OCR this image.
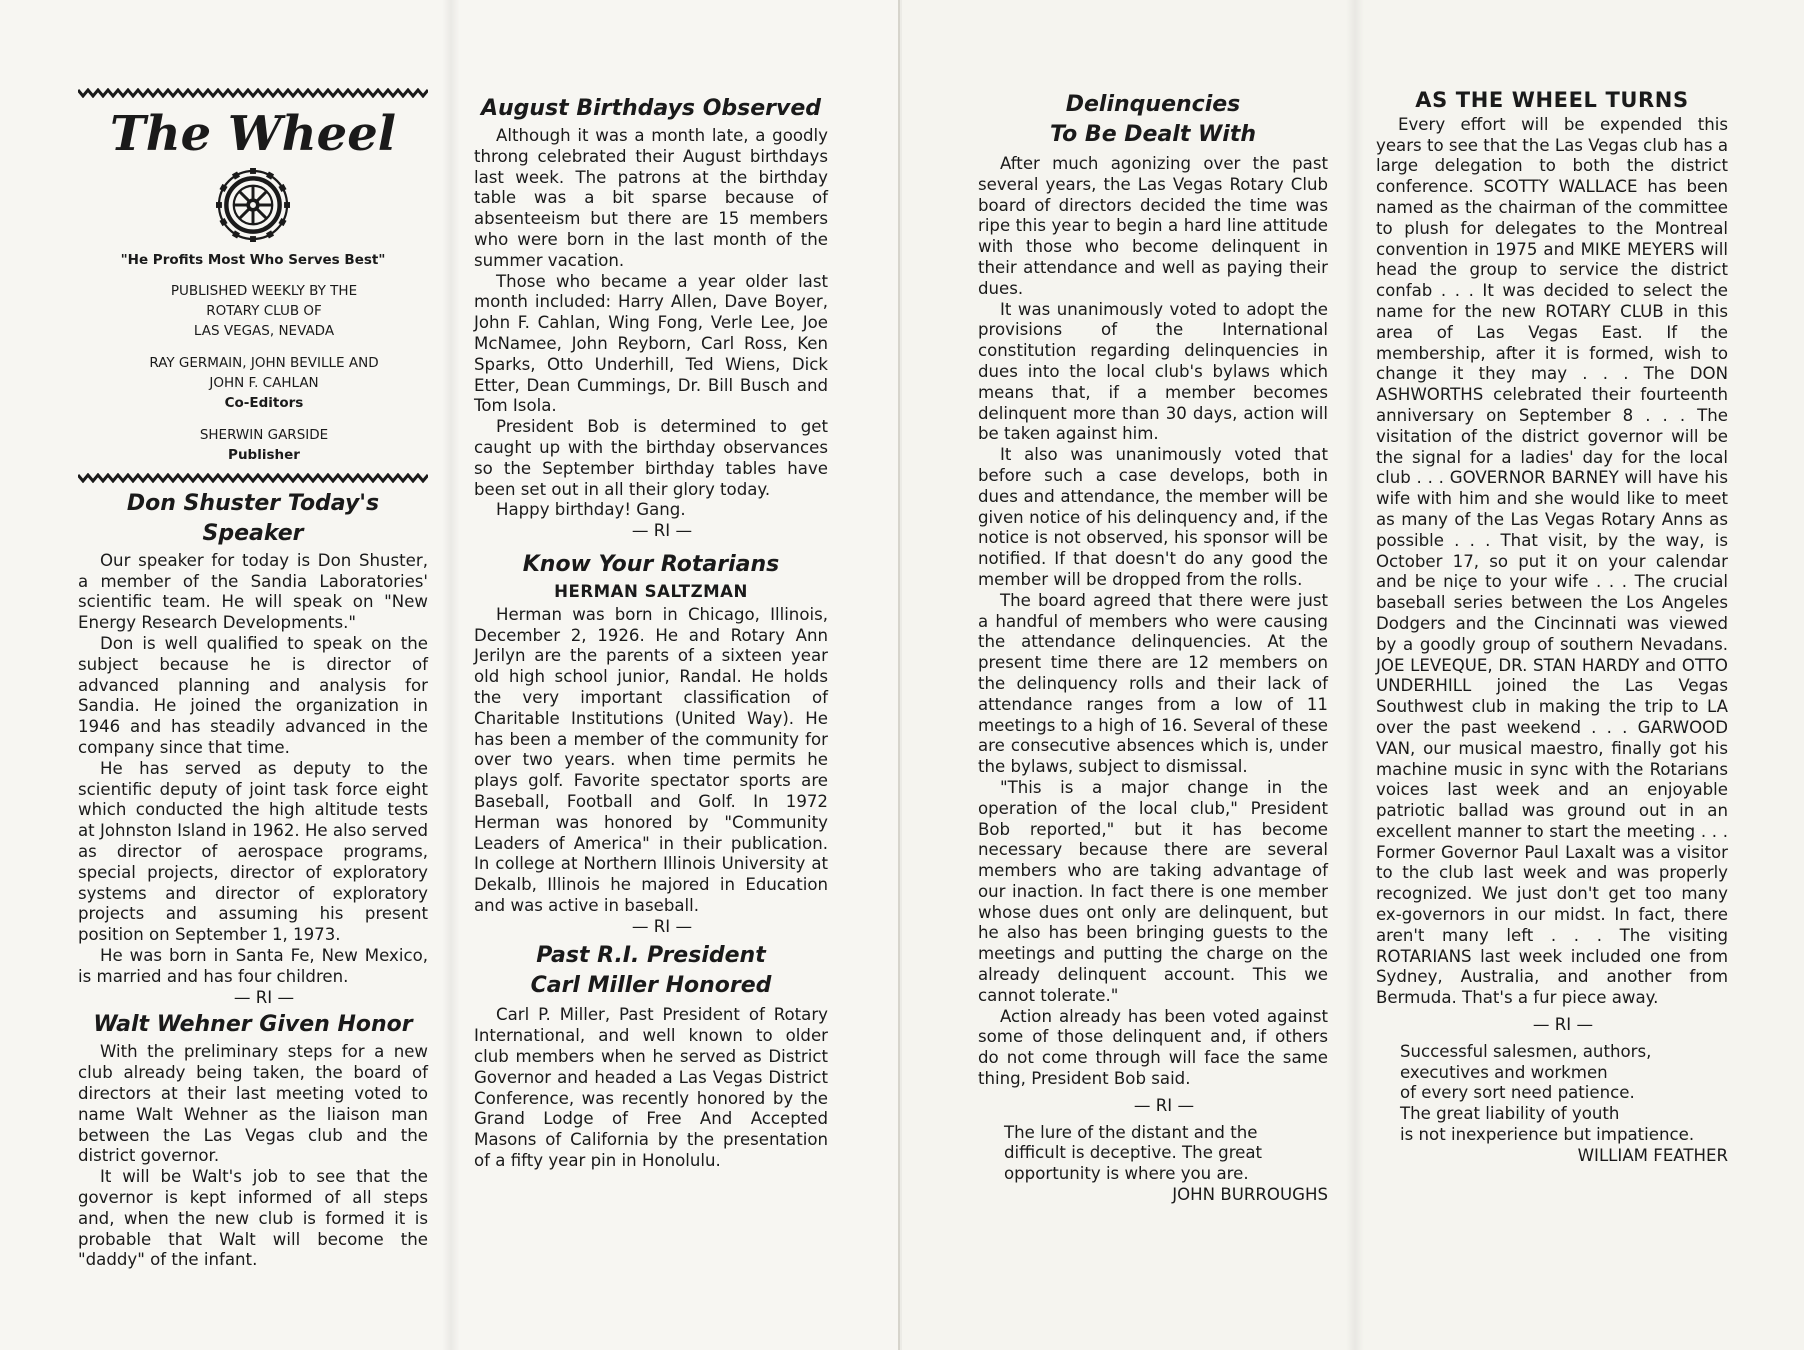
The Wheel
"He Profits Most Who Serves Best"

PUBLISHED WEEKLY BY THE

ROTARY CLUB OF

LAS VEGAS, NEVADA

RAY GERMAIN, JOHN BEVILLE AND

JOHN F. CAHLAN

Co-Editors

SHERWIN GARSIDE

Publisher

Don Shuster Today's Speaker

Our speaker for today is Don Shuster, a member of the Sandia Laboratories' scientific team. He will speak on "New Energy Research Developments."

Don is well qualified to speak on the subject because he is director of advanced planning and analysis for Sandia. He joined the organization in 1946 and has steadily advanced in the company since that time.

He has served as deputy to the scientific deputy of joint task force eight which conducted the high altitude tests at Johnston Island in 1962. He also served as director of aerospace programs, special projects, director of exploratory systems and director of exploratory projects and assuming his present position on September 1, 1973.

He was born in Santa Fe, New Mexico, is married and has four children.

— RI —

Walt Wehner Given Honor

With the preliminary steps for a new club already being taken, the board of directors at their last meeting voted to name Walt Wehner as the liaison man between the Las Vegas club and the district governor.

It will be Walt's job to see that the governor is kept informed of all steps and, when the new club is formed it is probable that Walt will become the "daddy" of the infant.

August Birthdays Observed

Although it was a month late, a goodly throng celebrated their August birthdays last week. The patrons at the birthday table was a bit sparse because of absenteeism but there are 15 members who were born in the last month of the summer vacation.

Those who became a year older last month included: Harry Allen, Dave Boyer, John F. Cahlan, Wing Fong, Verle Lee, Joe McNamee, John Reyborn, Carl Ross, Ken Sparks, Otto Underhill, Ted Wiens, Dick Etter, Dean Cummings, Dr. Bill Busch and Tom Isola.

President Bob is determined to get caught up with the birthday observances so the September birthday tables have been set out in all their glory today.

Happy birthday! Gang.

— RI —

Know Your Rotarians
HERMAN SALTZMAN

Herman was born in Chicago, Illinois, December 2, 1926. He and Rotary Ann Jerilyn are the parents of a sixteen year old high school junior, Randal. He holds the very important classification of Charitable Institutions (United Way). He has been a member of the community for over two years. when time permits he plays golf. Favorite spectator sports are Baseball, Football and Golf. In 1972 Herman was honored by "Community Leaders of America" in their publication. In college at Northern Illinois University at Dekalb, Illinois he majored in Education and was active in baseball.

— RI —

Past R.I. President
Carl Miller Honored

Carl P. Miller, Past President of Rotary International, and well known to older club members when he served as District Governor and headed a Las Vegas District Conference, was recently honored by the Grand Lodge of Free And Accepted Masons of California by the presentation of a fifty year pin in Honolulu.

Delinquencies
To Be Dealt With

After much agonizing over the past several years, the Las Vegas Rotary Club board of directors decided the time was ripe this year to begin a hard line attitude with those who become delinquent in their attendance and well as paying their dues.

It was unanimously voted to adopt the provisions of the International constitution regarding delinquencies in dues into the local club's bylaws which means that, if a member becomes delinquent more than 30 days, action will be taken against him.

It also was unanimously voted that before such a case develops, both in dues and attendance, the member will be given notice of his delinquency and, if the notice is not observed, his sponsor will be notified. If that doesn't do any good the member will be dropped from the rolls.

The board agreed that there were just a handful of members who were causing the attendance delinquencies. At the present time there are 12 members on the delinquency rolls and their lack of attendance ranges from a low of 11 meetings to a high of 16. Several of these are consecutive absences which is, under the bylaws, subject to dismissal.

"This is a major change in the operation of the local club," President Bob reported," but it has become necessary because there are several members who are taking advantage of our inaction. In fact there is one member whose dues ont only are delinquent, but he also has been bringing guests to the meetings and putting the charge on the already delinquent account. This we cannot tolerate."

Action already has been voted against some of those delinquent and, if others do not come through will face the same thing, President Bob said.

— RI —

The lure of the distant and the

difficult is deceptive. The great

opportunity is where you are.

JOHN BURROUGHS

AS THE WHEEL TURNS

Every effort will be expended this years to see that the Las Vegas club has a large delegation to both the district conference. SCOTTY WALLACE has been named as the chairman of the committee to plush for delegates to the Montreal convention in 1975 and MIKE MEYERS will head the group to service the district confab . . . It was decided to select the name for the new ROTARY CLUB in this area of Las Vegas East. If the membership, after it is formed, wish to change it they may . . . The DON ASHWORTHS celebrated their fourteenth anniversary on September 8 . . . The visitation of the district governor will be the signal for a ladies' day for the local club . . . GOVERNOR BARNEY will have his wife with him and she would like to meet as many of the Las Vegas Rotary Anns as possible . . . That visit, by the way, is October 17, so put it on your calendar and be niçe to your wife . . . The crucial baseball series between the Los Angeles Dodgers and the Cincinnati was viewed by a goodly group of southern Nevadans. JOE LEVEQUE, DR. STAN HARDY and OTTO UNDERHILL joined the Las Vegas Southwest club in making the trip to LA over the past weekend . . . GARWOOD VAN, our musical maestro, finally got his machine music in sync with the Rotarians voices last week and an enjoyable patriotic ballad was ground out in an excellent manner to start the meeting . . . Former Governor Paul Laxalt was a visitor to the club last week and was properly recognized. We just don't get too many ex-governors in our midst. In fact, there aren't many left . . . The visiting ROTARIANS last week included one from Sydney, Australia, and another from Bermuda. That's a fur piece away.

— RI —

Successful salesmen, authors,

executives and workmen

of every sort need patience.

The great liability of youth

is not inexperience but impatience.

WILLIAM FEATHER
